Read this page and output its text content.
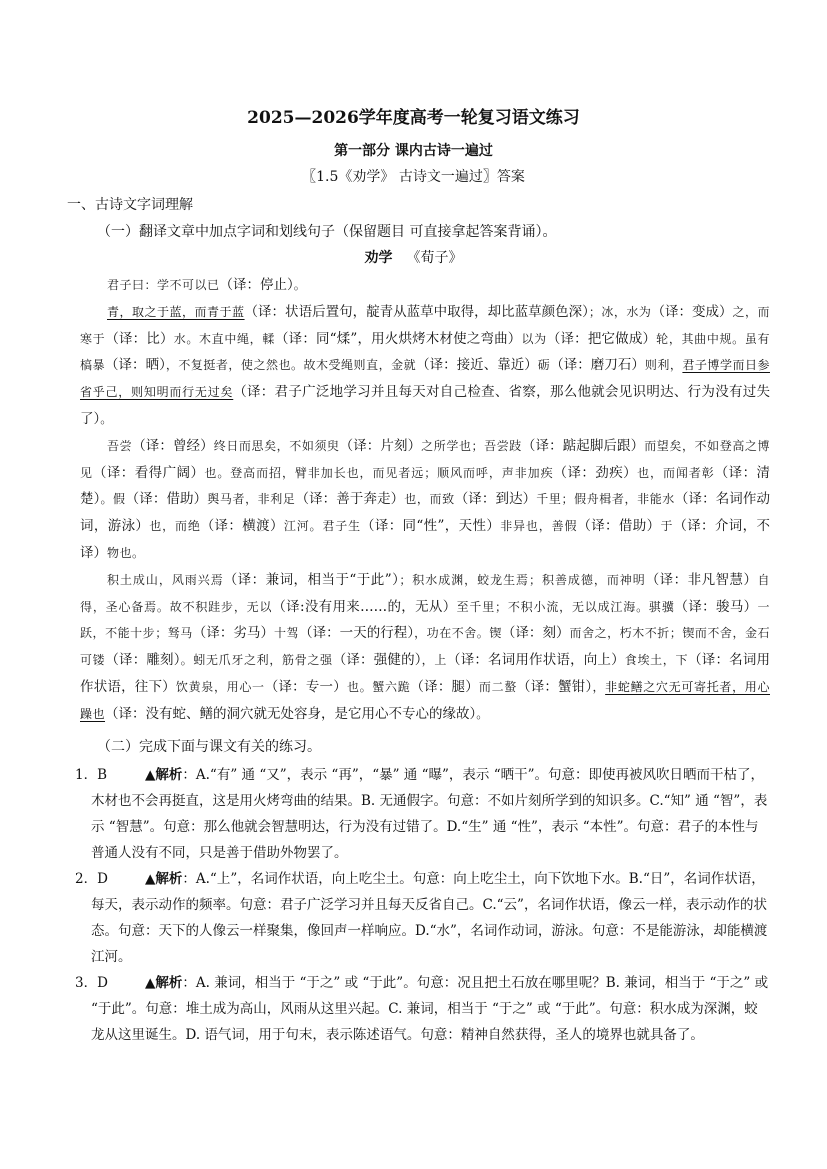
2025—2026学年度高考一轮复习语文练习
第一部分 课内古诗一遍过
〖1.5《劝学》 古诗文一遍过〗答案
一、古诗文字词理解
（一）翻译文章中加点字词和划线句子（保留题目 可直接拿起答案背诵）。
劝学 《荀子》

君子曰：学不可以已（译：停止）。

青，取之于蓝，而青于蓝（译：状语后置句，靛青从蓝草中取得，却比蓝草颜色深）；冰，水为（译：变成）之，而寒于（译：比）水。木直中绳，輮（译：同“煣”，用火烘烤木材使之弯曲）以为（译：把它做成）轮，其曲中规。虽有槁暴（译：晒），不复挺者，使之然也。故木受绳则直，金就（译：接近、靠近）砺（译：磨刀石）则利，君子博学而日参省乎己，则知明而行无过矣（译：君子广泛地学习并且每天对自己检查、省察，那么他就会见识明达、行为没有过失了）。

吾尝（译：曾经）终日而思矣，不如须臾（译：片刻）之所学也；吾尝跂（译：踮起脚后跟）而望矣，不如登高之博见（译：看得广阔）也。登高而招，臂非加长也，而见者远；顺风而呼，声非加疾（译：劲疾）也，而闻者彰（译：清楚）。假（译：借助）舆马者，非利足（译：善于奔走）也，而致（译：到达）千里；假舟楫者，非能水（译：名词作动词，游泳）也，而绝（译：横渡）江河。君子生（译：同“性”，天性）非异也，善假（译：借助）于（译：介词，不译）物也。

积土成山，风雨兴焉（译：兼词，相当于“于此”）；积水成渊，蛟龙生焉；积善成德，而神明（译：非凡智慧）自得，圣心备焉。故不积跬步，无以（译:没有用来……的，无从）至千里；不积小流，无以成江海。骐骥（译：骏马）一跃，不能十步；驽马（译：劣马）十驾（译：一天的行程），功在不舍。锲（译：刻）而舍之，朽木不折；锲而不舍，金石可镂（译：雕刻）。蚓无爪牙之利，筋骨之强（译：强健的），上（译：名词用作状语，向上）食埃土，下（译：名词用作状语，往下）饮黄泉，用心一（译：专一）也。蟹六跪（译：腿）而二螯（译：蟹钳），非蛇鳝之穴无可寄托者，用心躁也（译：没有蛇、鳝的洞穴就无处容身，是它用心不专心的缘故）。

（二）完成下面与课文有关的练习。
1．B	▲解析：A.“有” 通 “又”，表示 “再”，“暴” 通 “曝”，表示 “晒干”。句意：即使再被风吹日晒而干枯了，木材也不会再挺直，这是用火烤弯曲的结果。B. 无通假字。句意：不如片刻所学到的知识多。C.“知” 通 “智”，表示 “智慧”。句意：那么他就会智慧明达，行为没有过错了。D.“生” 通 “性”，表示 “本性”。句意：君子的本性与普通人没有不同，只是善于借助外物罢了。
2．D	▲解析：A.“上”，名词作状语，向上吃尘土。句意：向上吃尘土，向下饮地下水。B.“日”，名词作状语，每天，表示动作的频率。句意：君子广泛学习并且每天反省自己。C.“云”，名词作状语，像云一样，表示动作的状态。句意：天下的人像云一样聚集，像回声一样响应。D.“水”，名词作动词，游泳。句意：不是能游泳，却能横渡江河。
3．D	▲解析：A. 兼词，相当于 “于之” 或 “于此”。句意：况且把土石放在哪里呢？B. 兼词，相当于 “于之” 或 “于此”。句意：堆土成为高山，风雨从这里兴起。C. 兼词，相当于 “于之” 或 “于此”。句意：积水成为深渊，蛟龙从这里诞生。D. 语气词，用于句末，表示陈述语气。句意：精神自然获得，圣人的境界也就具备了。
